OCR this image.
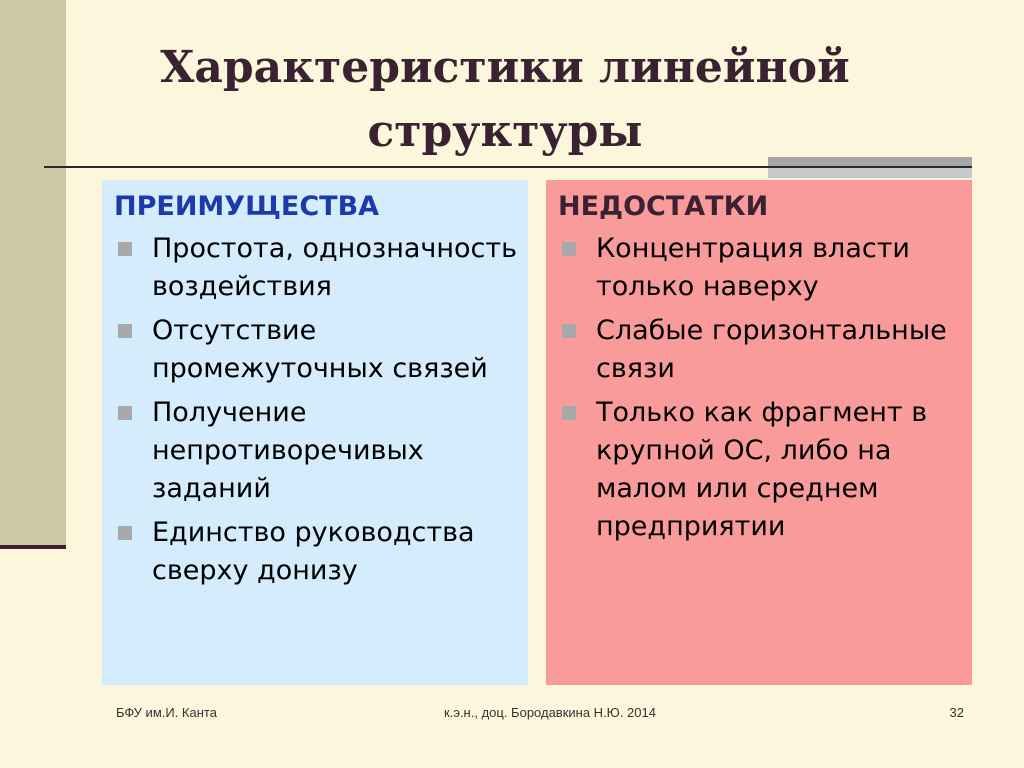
Характеристики линейной
структуры
ПРЕИМУЩЕСТВА
Простота, однозначность воздействия
Отсутствие промежуточных связей
Получение непротиворечивых заданий
Единство руководства сверху донизу
НЕДОСТАТКИ
Концентрация власти только наверху
Слабые горизонтальные связи
Только как фрагмент в крупной ОС, либо на малом или среднем предприятии
БФУ им.И. Канта	к.э.н., доц. Бородавкина Н.Ю. 2014	32
